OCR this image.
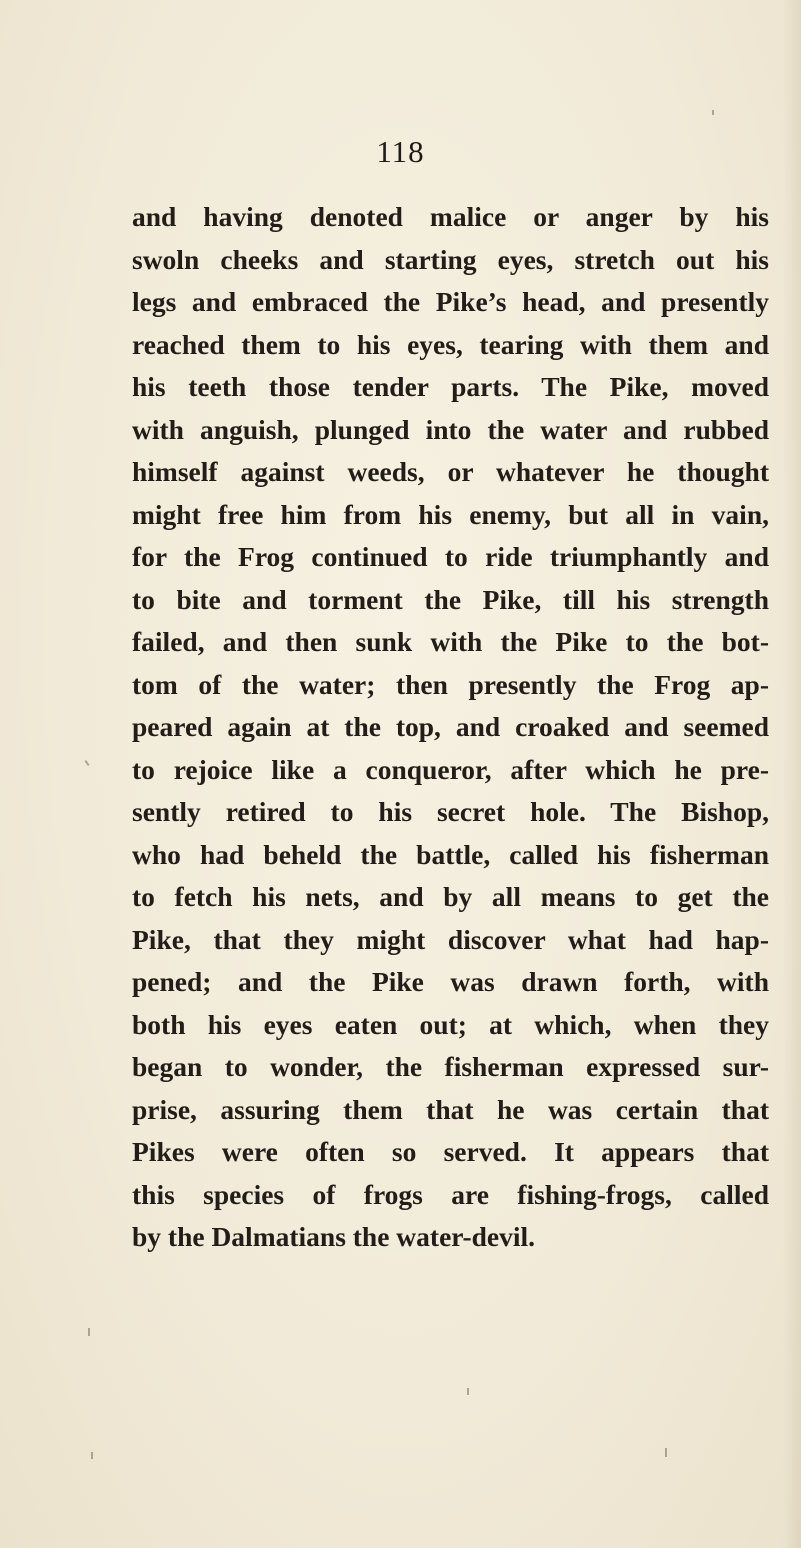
118
and having denoted malice or anger by his
swoln cheeks and starting eyes, stretch out his
legs and embraced the Pike’s head, and presently
reached them to his eyes, tearing with them and
his teeth those tender parts. The Pike, moved
with anguish, plunged into the water and rubbed
himself against weeds, or whatever he thought
might free him from his enemy, but all in vain,
for the Frog continued to ride triumphantly and
to bite and torment the Pike, till his strength
failed, and then sunk with the Pike to the bot-
tom of the water; then presently the Frog ap-
peared again at the top, and croaked and seemed
to rejoice like a conqueror, after which he pre-
sently retired to his secret hole. The Bishop,
who had beheld the battle, called his fisherman
to fetch his nets, and by all means to get the
Pike, that they might discover what had hap-
pened; and the Pike was drawn forth, with
both his eyes eaten out; at which, when they
began to wonder, the fisherman expressed sur-
prise, assuring them that he was certain that
Pikes were often so served. It appears that
this species of frogs are fishing-frogs, called
by the Dalmatians the water-devil.
